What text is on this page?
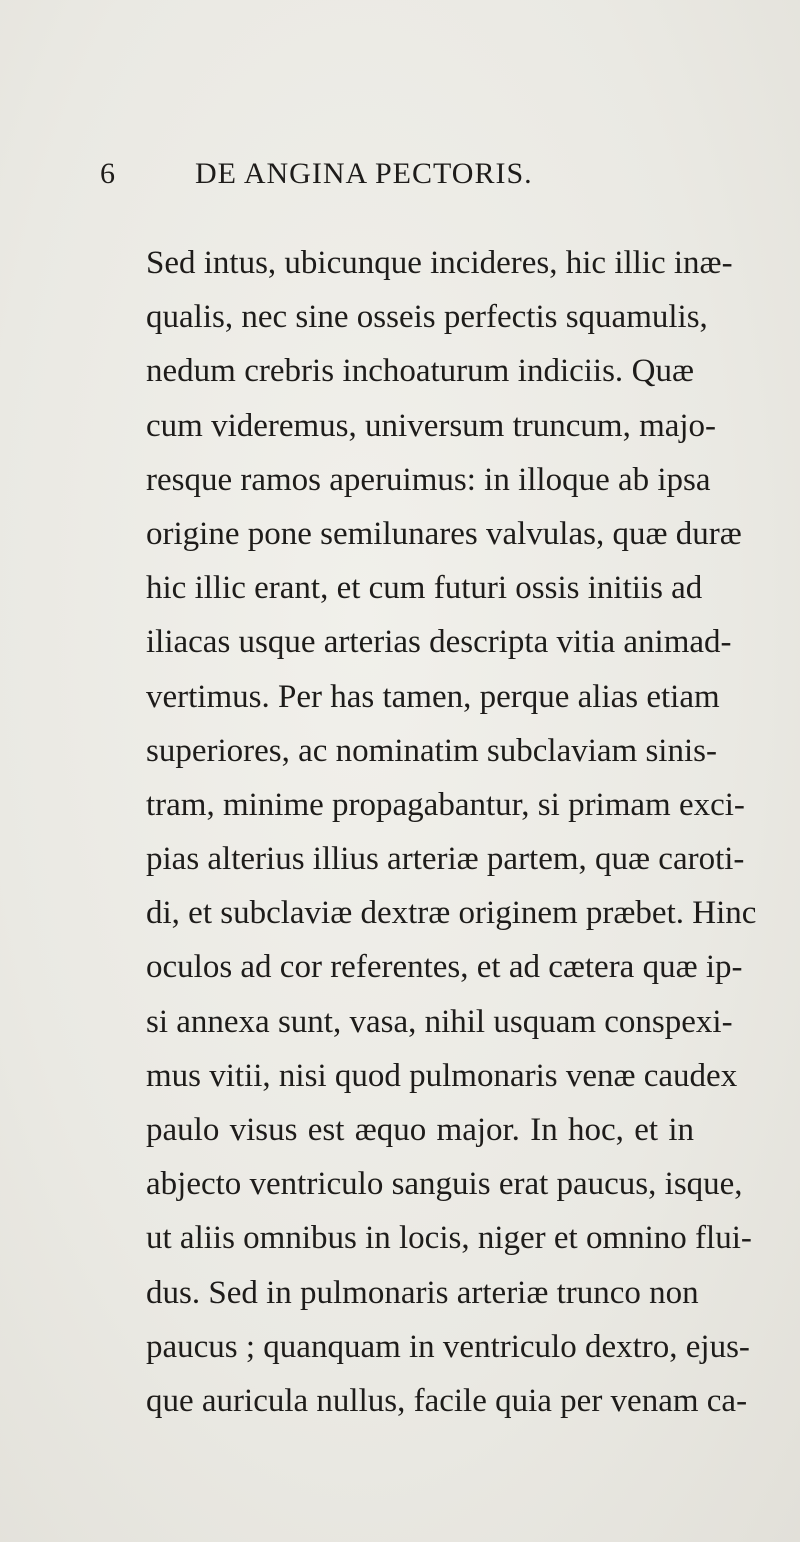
6	DE ANGINA PECTORIS.
Sed intus, ubicunque incideres, hic illic inæ-
qualis, nec sine osseis perfectis squamulis,
nedum crebris inchoaturum indiciis. Quæ
cum videremus, universum truncum, majo-
resque ramos aperuimus: in illoque ab ipsa
origine pone semilunares valvulas, quæ duræ
hic illic erant, et cum futuri ossis initiis ad
iliacas usque arterias descripta vitia animad-
vertimus. Per has tamen, perque alias etiam
superiores, ac nominatim subclaviam sinis-
tram, minime propagabantur, si primam exci-
pias alterius illius arteriæ partem, quæ caroti-
di, et subclaviæ dextræ originem præbet. Hinc
oculos ad cor referentes, et ad cætera quæ ip-
si annexa sunt, vasa, nihil usquam conspexi-
mus vitii, nisi quod pulmonaris venæ caudex
paulo visus est æquo major. In hoc, et in
abjecto ventriculo sanguis erat paucus, isque,
ut aliis omnibus in locis, niger et omnino flui-
dus. Sed in pulmonaris arteriæ trunco non
paucus ; quanquam in ventriculo dextro, ejus-
que auricula nullus, facile quia per venam ca-
